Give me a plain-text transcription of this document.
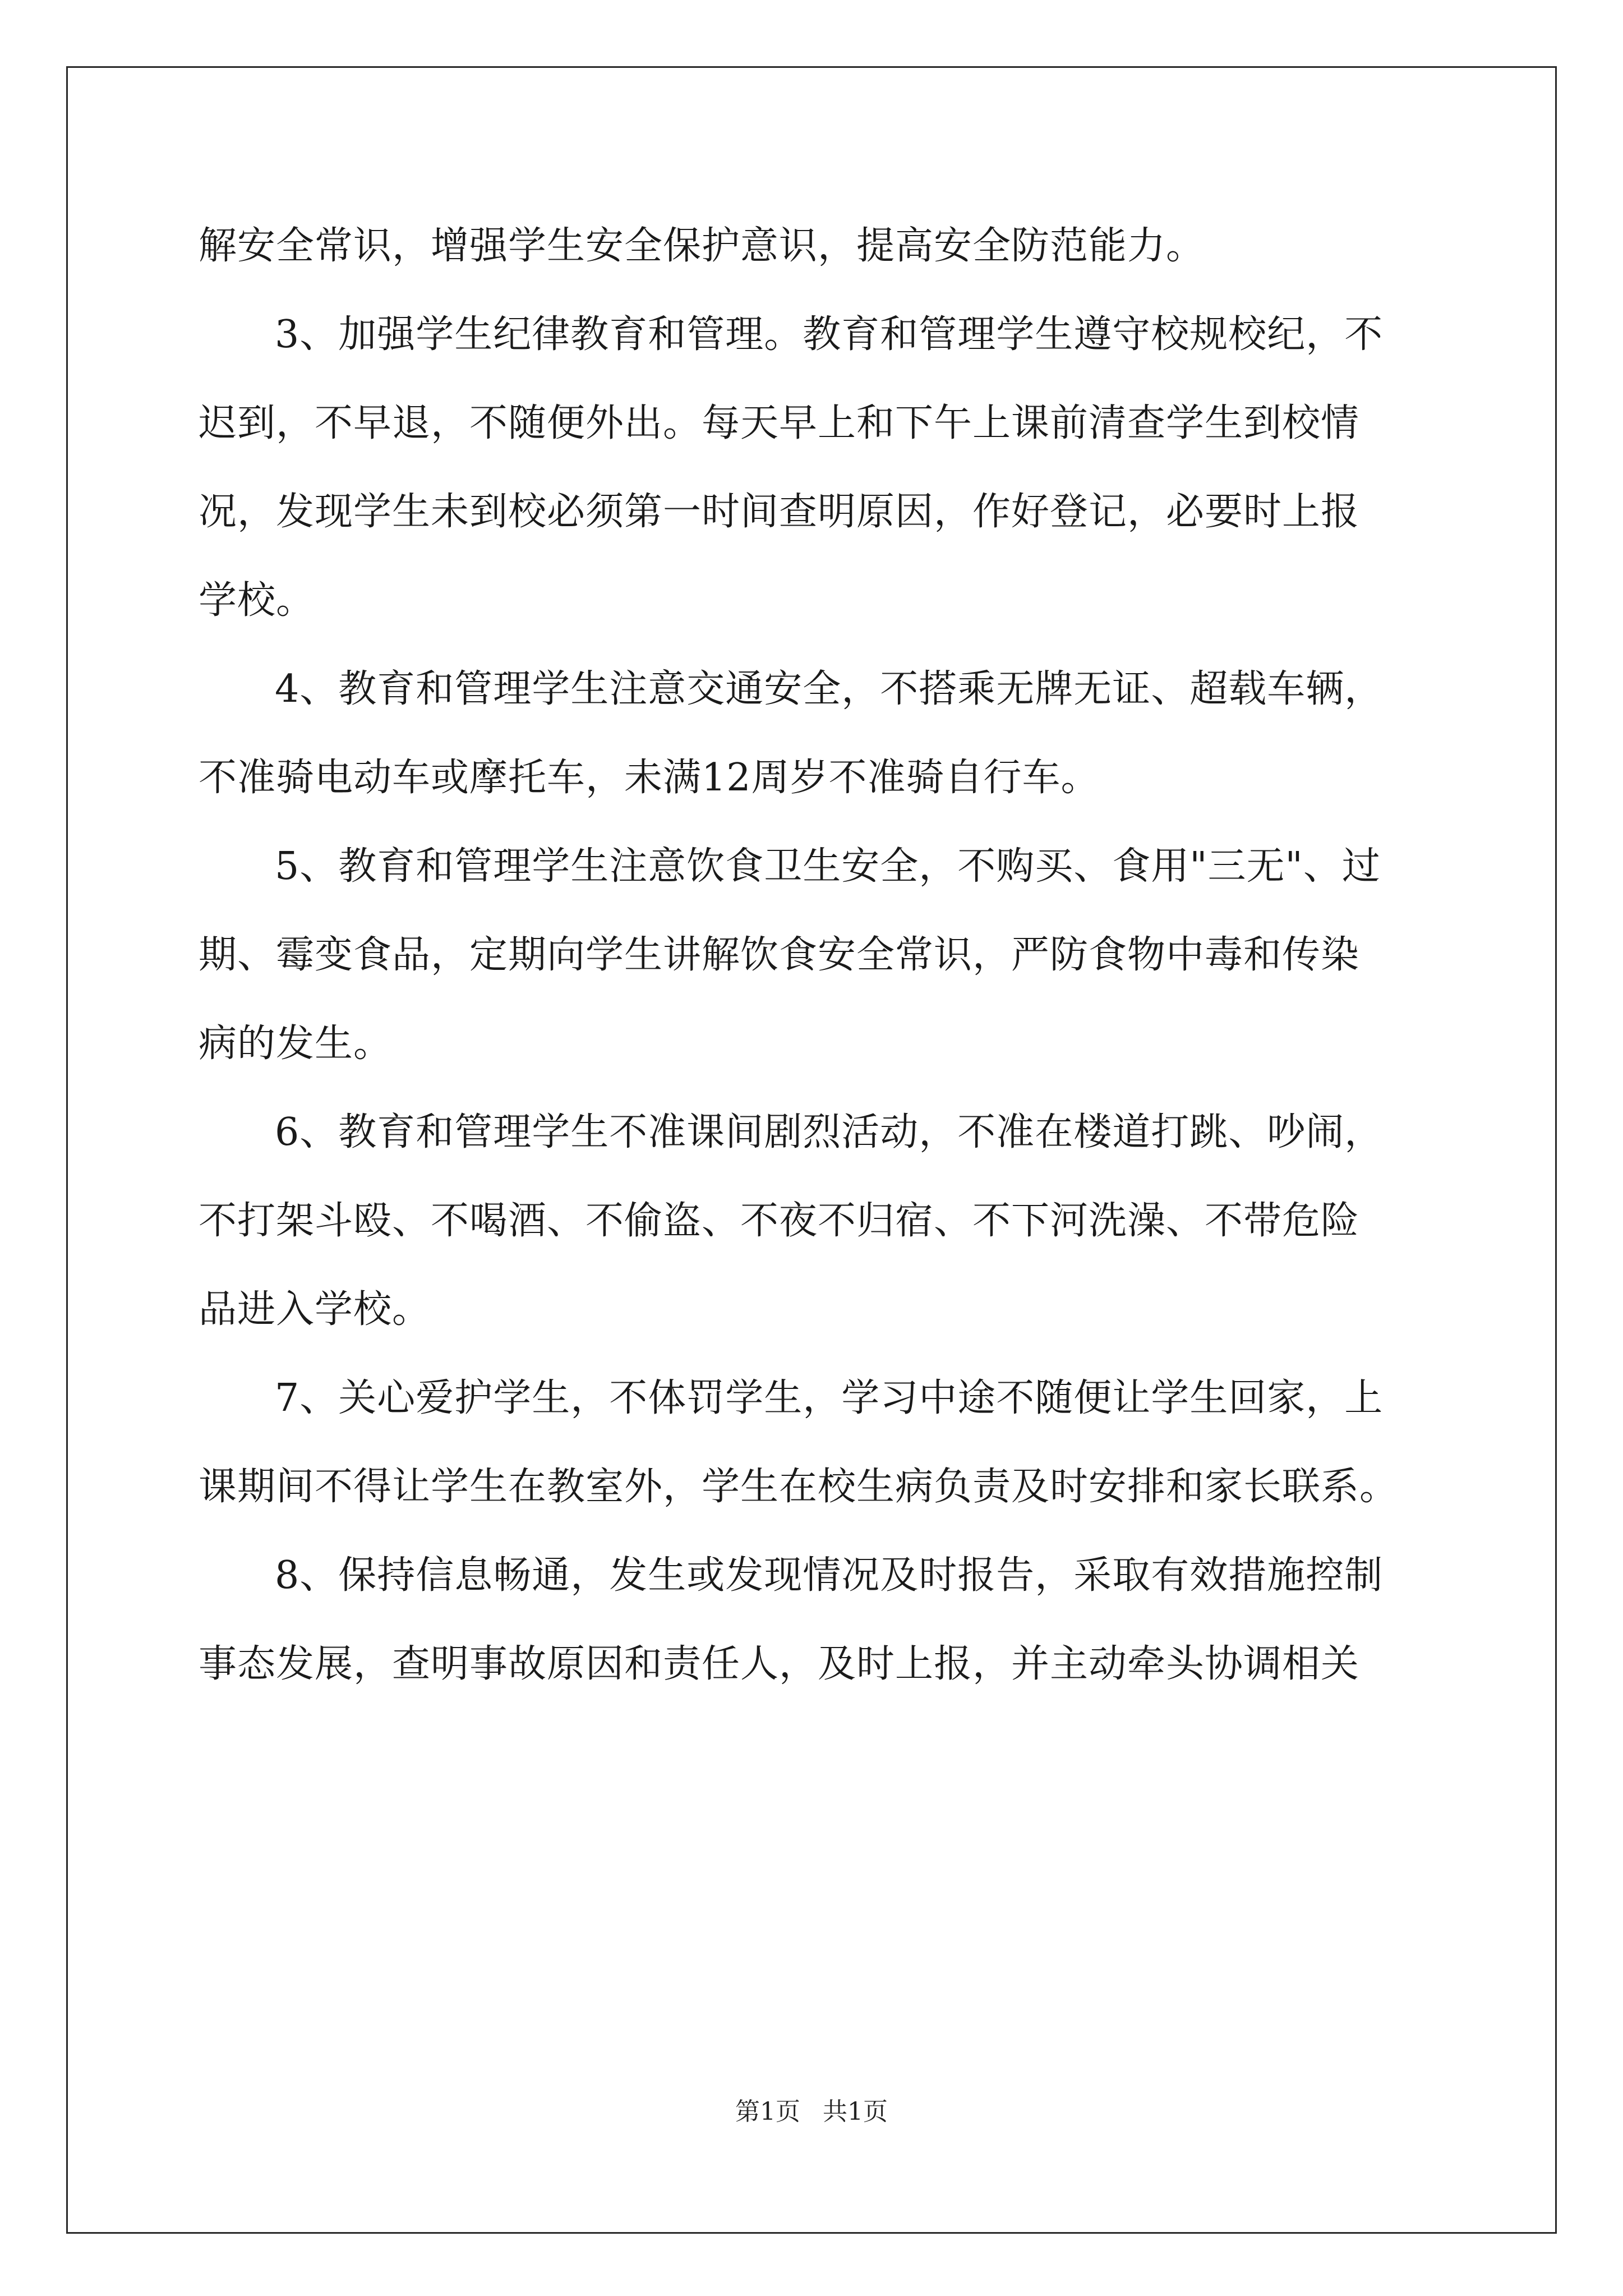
解安全常识，增强学生安全保护意识，提高安全防范能力。
3、加强学生纪律教育和管理。教育和管理学生遵守校规校纪，不
迟到，不早退，不随便外出。每天早上和下午上课前清查学生到校情
况，发现学生未到校必须第一时间查明原因，作好登记，必要时上报
学校。
4、教育和管理学生注意交通安全，不搭乘无牌无证、超载车辆，
不准骑电动车或摩托车，未满12周岁不准骑自行车。
5、教育和管理学生注意饮食卫生安全，不购买、食用"三无"、过
期、霉变食品，定期向学生讲解饮食安全常识，严防食物中毒和传染
病的发生。
6、教育和管理学生不准课间剧烈活动，不准在楼道打跳、吵闹，
不打架斗殴、不喝酒、不偷盗、不夜不归宿、不下河洗澡、不带危险
品进入学校。
7、关心爱护学生，不体罚学生，学习中途不随便让学生回家，上
课期间不得让学生在教室外，学生在校生病负责及时安排和家长联系。
8、保持信息畅通，发生或发现情况及时报告，采取有效措施控制
事态发展，查明事故原因和责任人，及时上报，并主动牵头协调相关
第1页 共1页
